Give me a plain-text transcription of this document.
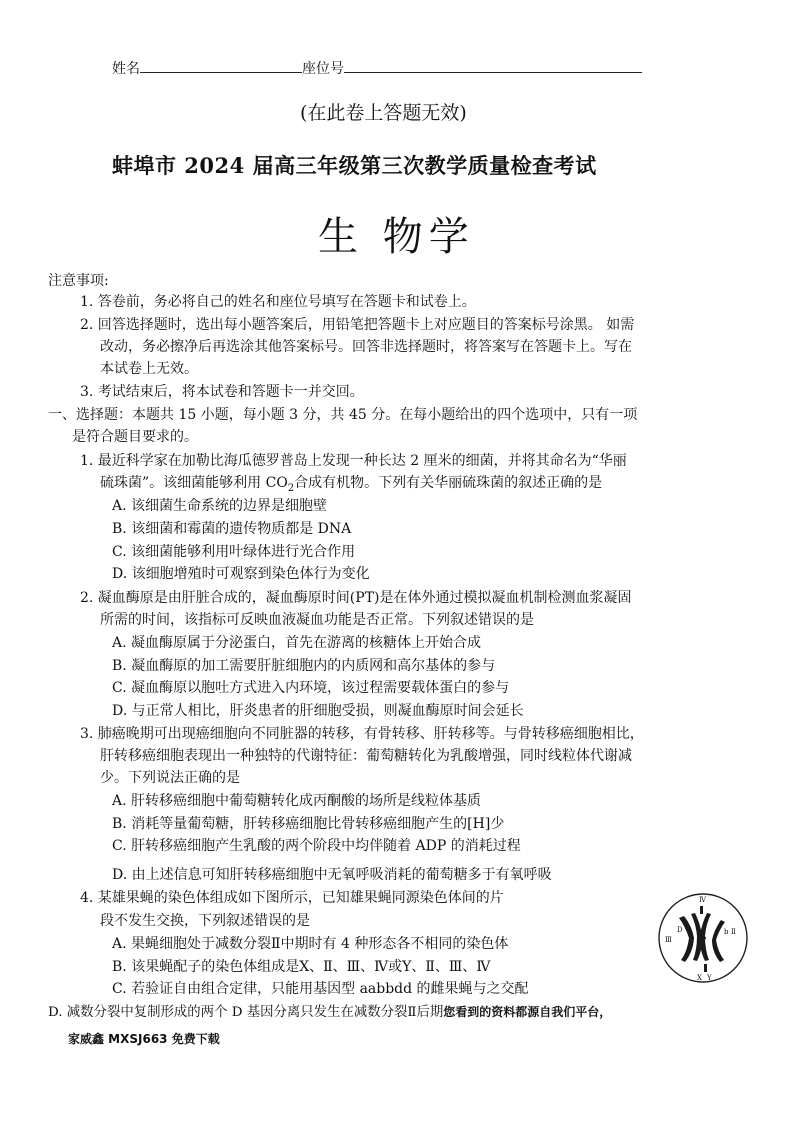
姓名	座位号
(在此卷上答题无效)
蚌埠市 2024 届高三年级第三次教学质量检查考试
生 物学
注意事项:
1. 答卷前，务必将自己的姓名和座位号填写在答题卡和试卷上。
2. 回答选择题时，选出每小题答案后，用铅笔把答题卡上对应题目的答案标号涂黑。 如需
改动，务必擦净后再选涂其他答案标号。回答非选择题时，将答案写在答题卡上。写在
本试卷上无效。
3. 考试结束后，将本试卷和答题卡一并交回。
一、选择题：本题共 15 小题，每小题 3 分，共 45 分。在每小题给出的四个选项中，只有一项
是符合题目要求的。
1. 最近科学家在加勒比海瓜德罗普岛上发现一种长达 2 厘米的细菌，并将其命名为“华丽
硫珠菌”。该细菌能够利用 $CO_2$合成有机物。下列有关华丽硫珠菌的叙述正确的是
A. 该细菌生命系统的边界是细胞壁
B. 该细菌和霉菌的遗传物质都是 DNA
C. 该细菌能够利用叶绿体进行光合作用
D. 该细胞增殖时可观察到染色体行为变化
2. 凝血酶原是由肝脏合成的，凝血酶原时间(PT)是在体外通过模拟凝血机制检测血浆凝固
所需的时间，该指标可反映血液凝血功能是否正常。下列叙述错误的是
A. 凝血酶原属于分泌蛋白，首先在游离的核糖体上开始合成
B. 凝血酶原的加工需要肝脏细胞内的内质网和高尔基体的参与
C. 凝血酶原以胞吐方式进入内环境，该过程需要载体蛋白的参与
D. 与正常人相比，肝炎患者的肝细胞受损，则凝血酶原时间会延长
3. 肺癌晚期可出现癌细胞向不同脏器的转移，有骨转移、肝转移等。与骨转移癌细胞相比，
肝转移癌细胞表现出一种独特的代谢特征：葡萄糖转化为乳酸增强，同时线粒体代谢减
少。下列说法正确的是
A. 肝转移癌细胞中葡萄糖转化成丙酮酸的场所是线粒体基质
B. 消耗等量葡萄糖，肝转移癌细胞比骨转移癌细胞产生的[H]少
C. 肝转移癌细胞产生乳酸的两个阶段中均伴随着 ADP 的消耗过程
D. 由上述信息可知肝转移癌细胞中无氧呼吸消耗的葡萄糖多于有氧呼吸
4. 某雄果蝇的染色体组成如下图所示，已知雄果蝇同源染色体间的片
段不发生交换，下列叙述错误的是
A. 果蝇细胞处于减数分裂Ⅱ中期时有 4 种形态各不相同的染色体
B. 该果蝇配子的染色体组成是X、Ⅱ、Ⅲ、Ⅳ或Y、Ⅱ、Ⅲ、Ⅳ
C. 若验证自由组合定律，只能用基因型 aabbdd 的雌果蝇与之交配
D. 减数分裂中复制形成的两个 D 基因分离只发生在减数分裂Ⅱ后期您看到的资料都源自我们平台，
家威鑫 MXSJ663 免费下载
Ⅳ
Ⅲ
D
a
b Ⅱ
X Y
